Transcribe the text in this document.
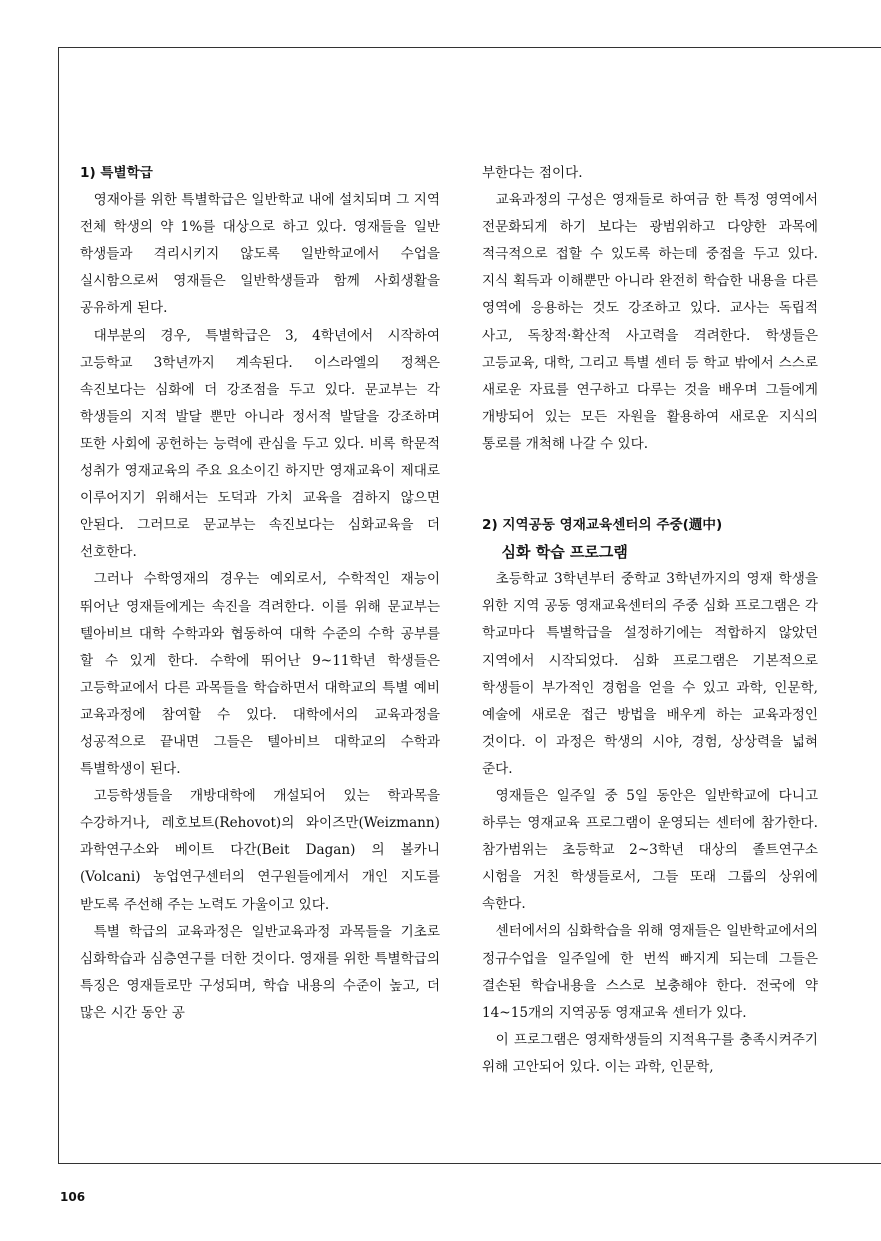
1) 특별학급

영재아를 위한 특별학급은 일반학교 내에 설치되며 그 지역 전체 학생의 약 1%를 대상으로 하고 있다. 영재들을 일반 학생들과 격리시키지 않도록 일반학교에서 수업을 실시함으로써 영재들은 일반학생들과 함께 사회생활을 공유하게 된다.

대부분의 경우, 특별학급은 3, 4학년에서 시작하여 고등학교 3학년까지 계속된다. 이스라엘의 정책은 속진보다는 심화에 더 강조점을 두고 있다. 문교부는 각 학생들의 지적 발달 뿐만 아니라 정서적 발달을 강조하며 또한 사회에 공헌하는 능력에 관심을 두고 있다. 비록 학문적 성취가 영재교육의 주요 요소이긴 하지만 영재교육이 제대로 이루어지기 위해서는 도덕과 가치 교육을 겸하지 않으면 안된다. 그러므로 문교부는 속진보다는 심화교육을 더 선호한다.

그러나 수학영재의 경우는 예외로서, 수학적인 재능이 뛰어난 영재들에게는 속진을 격려한다. 이를 위해 문교부는 텔아비브 대학 수학과와 협동하여 대학 수준의 수학 공부를 할 수 있게 한다. 수학에 뛰어난 9~11학년 학생들은 고등학교에서 다른 과목들을 학습하면서 대학교의 특별 예비 교육과정에 참여할 수 있다. 대학에서의 교육과정을 성공적으로 끝내면 그들은 텔아비브 대학교의 수학과 특별학생이 된다.

고등학생들을 개방대학에 개설되어 있는 학과목을 수강하거나, 레호보트(Rehovot)의 와이즈만(Weizmann) 과학연구소와 베이트 다간(Beit Dagan) 의 볼카니(Volcani) 농업연구센터의 연구원들에게서 개인 지도를 받도록 주선해 주는 노력도 가울이고 있다.

특별 학급의 교육과정은 일반교육과정 과목들을 기초로 심화학습과 심층연구를 더한 것이다. 영재를 위한 특별학급의 특징은 영재들로만 구성되며, 학습 내용의 수준이 높고, 더 많은 시간 동안 공

부한다는 점이다.

교육과정의 구성은 영재들로 하여금 한 특정 영역에서 전문화되게 하기 보다는 광범위하고 다양한 과목에 적극적으로 접할 수 있도록 하는데 중점을 두고 있다. 지식 획득과 이해뿐만 아니라 완전히 학습한 내용을 다른 영역에 응용하는 것도 강조하고 있다. 교사는 독립적 사고, 독창적·확산적 사고력을 격려한다. 학생들은 고등교육, 대학, 그리고 특별 센터 등 학교 밖에서 스스로 새로운 자료를 연구하고 다루는 것을 배우며 그들에게 개방되어 있는 모든 자원을 활용하여 새로운 지식의 통로를 개척해 나갈 수 있다.

2) 지역공동 영재교육센터의 주중(週中)
심화 학습 프로그램

초등학교 3학년부터 중학교 3학년까지의 영재 학생을 위한 지역 공동 영재교육센터의 주중 심화 프로그램은 각 학교마다 특별학급을 설정하기에는 적합하지 않았던 지역에서 시작되었다. 심화 프로그램은 기본적으로 학생들이 부가적인 경험을 얻을 수 있고 과학, 인문학, 예술에 새로운 접근 방법을 배우게 하는 교육과정인 것이다. 이 과정은 학생의 시야, 경험, 상상력을 넓혀 준다.

영재들은 일주일 중 5일 동안은 일반학교에 다니고 하루는 영재교육 프로그램이 운영되는 센터에 참가한다. 참가범위는 초등학교 2~3학년 대상의 졸트연구소 시험을 거친 학생들로서, 그들 또래 그룹의 상위에 속한다.

센터에서의 심화학습을 위해 영재들은 일반학교에서의 정규수업을 일주일에 한 번씩 빠지게 되는데 그들은 결손된 학습내용을 스스로 보충해야 한다. 전국에 약 14~15개의 지역공동 영재교육 센터가 있다.

이 프로그램은 영재학생들의 지적욕구를 충족시켜주기 위해 고안되어 있다. 이는 과학, 인문학,

106
